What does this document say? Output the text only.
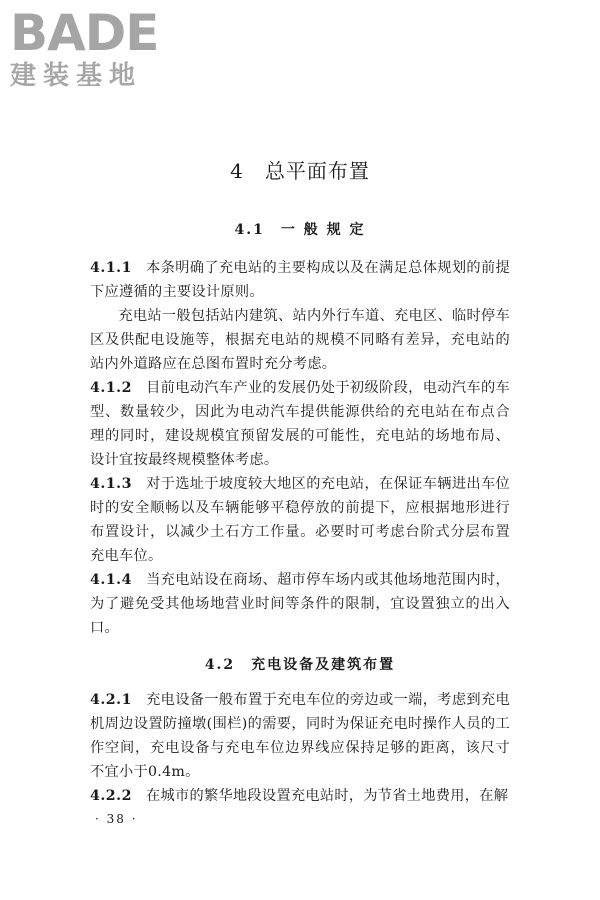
BADE
建装基地
4　总平面布置
4.1　一 般 规 定
4.1.1 本条明确了充电站的主要构成以及在满足总体规划的前提下应遵循的主要设计原则。
充电站一般包括站内建筑、站内外行车道、充电区、临时停车区及供配电设施等，根据充电站的规模不同略有差异，充电站的站内外道路应在总图布置时充分考虑。
4.1.2 目前电动汽车产业的发展仍处于初级阶段，电动汽车的车型、数量较少，因此为电动汽车提供能源供给的充电站在布点合理的同时，建设规模宜预留发展的可能性，充电站的场地布局、设计宜按最终规模整体考虑。
4.1.3 对于选址于坡度较大地区的充电站，在保证车辆进出车位时的安全顺畅以及车辆能够平稳停放的前提下，应根据地形进行布置设计，以减少土石方工作量。必要时可考虑台阶式分层布置充电车位。
4.1.4 当充电站设在商场、超市停车场内或其他场地范围内时，为了避免受其他场地营业时间等条件的限制，宜设置独立的出入口。
4.2　充电设备及建筑布置
4.2.1 充电设备一般布置于充电车位的旁边或一端，考虑到充电机周边设置防撞墩(围栏)的需要，同时为保证充电时操作人员的工作空间，充电设备与充电车位边界线应保持足够的距离，该尺寸不宜小于0.4m。
4.2.2 在城市的繁华地段设置充电站时，为节省土地费用，在解
· 38 ·
